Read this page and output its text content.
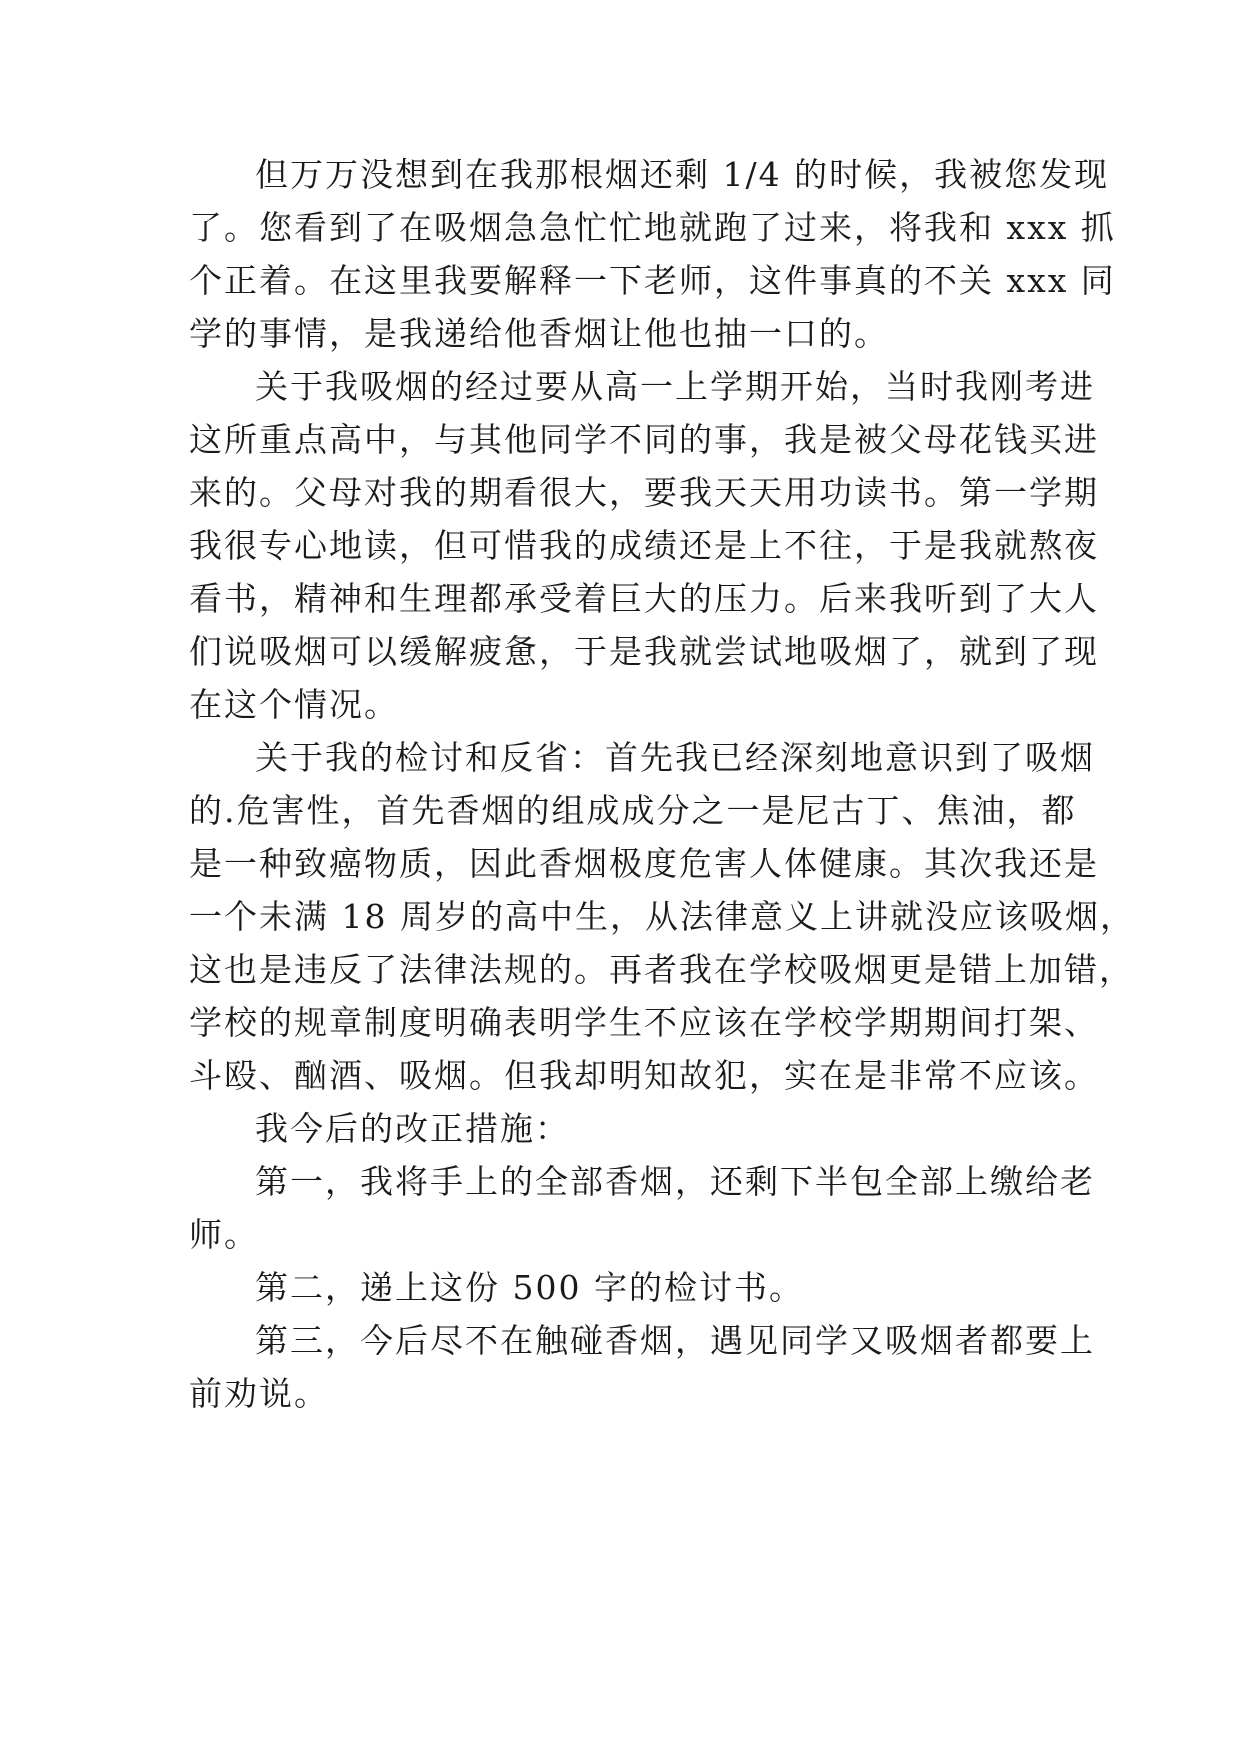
但万万没想到在我那根烟还剩 1/4 的时候，我被您发现
了。您看到了在吸烟急急忙忙地就跑了过来，将我和 xxx 抓
个正着。在这里我要解释一下老师，这件事真的不关 xxx 同
学的事情，是我递给他香烟让他也抽一口的。
关于我吸烟的经过要从高一上学期开始，当时我刚考进
这所重点高中，与其他同学不同的事，我是被父母花钱买进
来的。父母对我的期看很大，要我天天用功读书。第一学期
我很专心地读，但可惜我的成绩还是上不往，于是我就熬夜
看书，精神和生理都承受着巨大的压力。后来我听到了大人
们说吸烟可以缓解疲惫，于是我就尝试地吸烟了，就到了现
在这个情况。
关于我的检讨和反省：首先我已经深刻地意识到了吸烟
的.危害性，首先香烟的组成成分之一是尼古丁、焦油，都
是一种致癌物质，因此香烟极度危害人体健康。其次我还是
一个未满 18 周岁的高中生，从法律意义上讲就没应该吸烟，
这也是违反了法律法规的。再者我在学校吸烟更是错上加错，
学校的规章制度明确表明学生不应该在学校学期期间打架、
斗殴、酗酒、吸烟。但我却明知故犯，实在是非常不应该。
我今后的改正措施：
第一，我将手上的全部香烟，还剩下半包全部上缴给老
师。
第二，递上这份 500 字的检讨书。
第三，今后尽不在触碰香烟，遇见同学又吸烟者都要上
前劝说。
